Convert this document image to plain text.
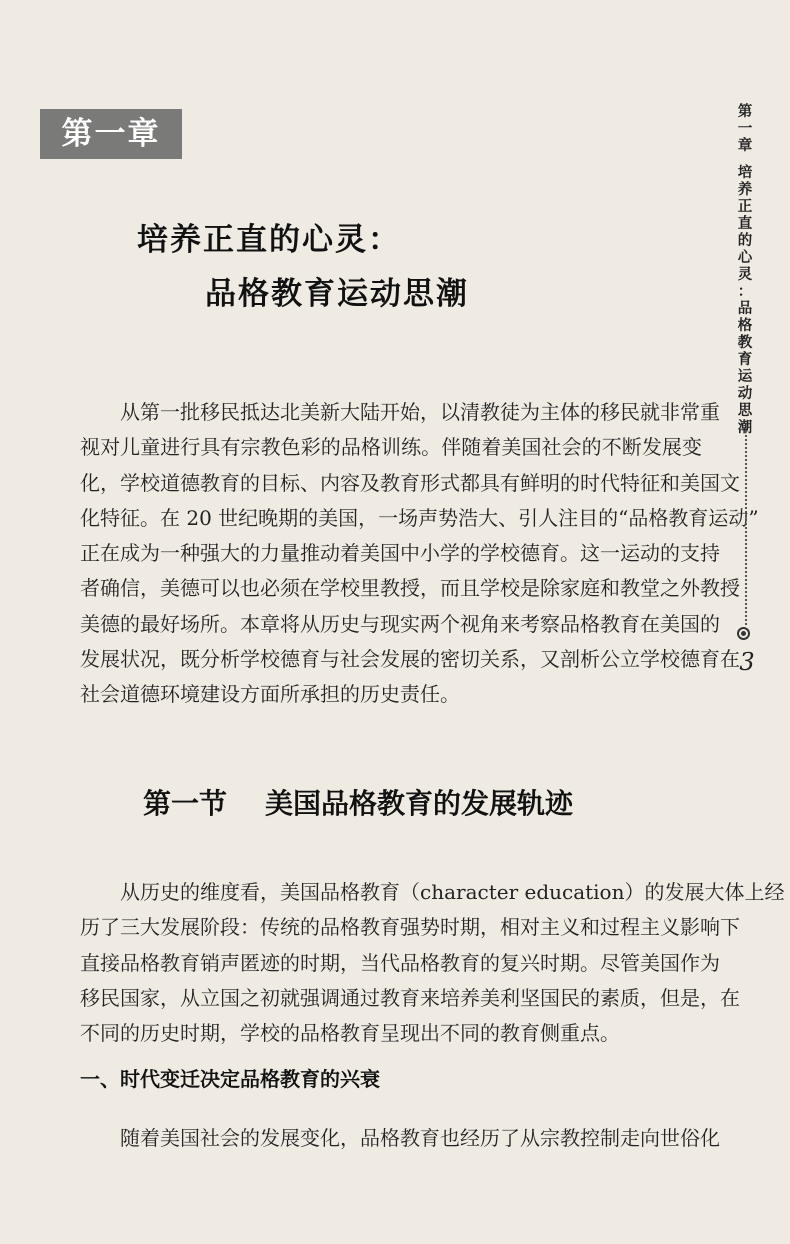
第一章
培养正直的心灵：
品格教育运动思潮
　　从第一批移民抵达北美新大陆开始，以清教徒为主体的移民就非常重
视对儿童进行具有宗教色彩的品格训练。伴随着美国社会的不断发展变
化，学校道德教育的目标、内容及教育形式都具有鲜明的时代特征和美国文
化特征。在 20 世纪晚期的美国，一场声势浩大、引人注目的“品格教育运动”
正在成为一种强大的力量推动着美国中小学的学校德育。这一运动的支持
者确信，美德可以也必须在学校里教授，而且学校是除家庭和教堂之外教授
美德的最好场所。本章将从历史与现实两个视角来考察品格教育在美国的
发展状况，既分析学校德育与社会发展的密切关系，又剖析公立学校德育在
社会道德环境建设方面所承担的历史责任。
第一节 美国品格教育的发展轨迹
　　从历史的维度看，美国品格教育（character education）的发展大体上经
历了三大发展阶段：传统的品格教育强势时期，相对主义和过程主义影响下
直接品格教育销声匿迹的时期，当代品格教育的复兴时期。尽管美国作为
移民国家，从立国之初就强调通过教育来培养美利坚国民的素质，但是，在
不同的历史时期，学校的品格教育呈现出不同的教育侧重点。
一、时代变迁决定品格教育的兴衰
　　随着美国社会的发展变化，品格教育也经历了从宗教控制走向世俗化
第
一
章
培
养
正
直
的
心
灵
：
品
格
教
育
运
动
思
潮
3
